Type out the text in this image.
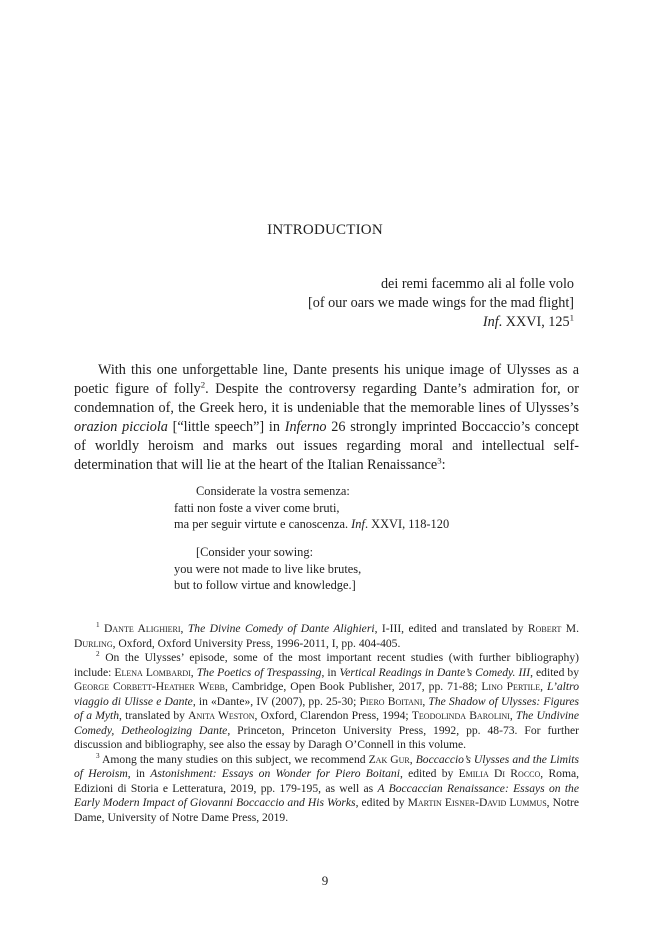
INTRODUCTION
dei remi facemmo ali al folle volo
[of our oars we made wings for the mad flight]
Inf. XXVI, $125^1$

With this one unforgettable line, Dante presents his unique image of Ulysses as a poetic figure of folly$^2$. Despite the controversy regarding Dante’s admiration for, or condemnation of, the Greek hero, it is undeniable that the memorable lines of Ulysses’s orazion picciola [“little speech”] in Inferno 26 strongly imprinted Boccaccio’s concept of worldly heroism and marks out issues regarding moral and intellectual self-determination that will lie at the heart of the Italian Renaissance$^3$:

Considerate la vostra semenza:
fatti non foste a viver come bruti,
ma per seguir virtute e canoscenza. Inf. XXVI, 118-120
[Consider your sowing:
you were not made to live like brutes,
but to follow virtue and knowledge.]

$^1$ Dante Alighieri, The Divine Comedy of Dante Alighieri, I-III, edited and translated by Robert M. Durling, Oxford, Oxford University Press, 1996-2011, I, pp. 404-405.

$^2$ On the Ulysses’ episode, some of the most important recent studies (with further bibliography) include: Elena Lombardi, The Poetics of Trespassing, in Vertical Readings in Dante’s Comedy. III, edited by George Corbett-Heather Webb, Cambridge, Open Book Publisher, 2017, pp. 71-88; Lino Pertile, L’altro viaggio di Ulisse e Dante, in «Dante», IV (2007), pp. 25-30; Piero Boitani, The Shadow of Ulysses: Figures of a Myth, translated by Anita Weston, Oxford, Clarendon Press, 1994; Teodolinda Barolini, The Undivine Comedy, Detheologizing Dante, Princeton, Princeton University Press, 1992, pp. 48-73. For further discussion and bibliography, see also the essay by Daragh O’Connell in this volume.

$^3$ Among the many studies on this subject, we recommend Zak Gur, Boccaccio’s Ulysses and the Limits of Heroism, in Astonishment: Essays on Wonder for Piero Boitani, edited by Emilia Di Rocco, Roma, Edizioni di Storia e Letteratura, 2019, pp. 179-195, as well as A Boccaccian Renaissance: Essays on the Early Modern Impact of Giovanni Boccaccio and His Works, edited by Martin Eisner-David Lummus, Notre Dame, University of Notre Dame Press, 2019.

9
